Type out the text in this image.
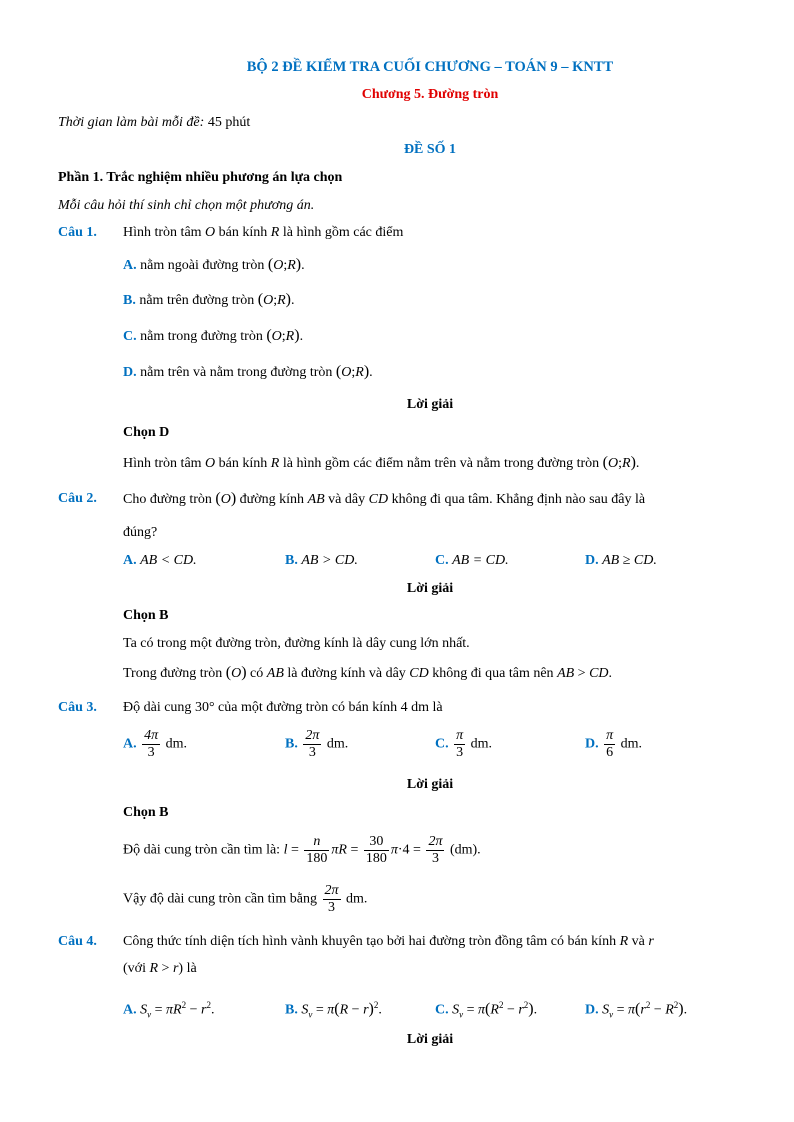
BỘ 2 ĐỀ KIỂM TRA CUỐI CHƯƠNG – TOÁN 9 – KNTT
Chương 5. Đường tròn
Thời gian làm bài mỗi đề: 45 phút
ĐỀ SỐ 1
Phần 1. Trắc nghiệm nhiều phương án lựa chọn
Mỗi câu hỏi thí sinh chỉ chọn một phương án.
Câu 1. Hình tròn tâm O bán kính R là hình gồm các điểm
A. nằm ngoài đường tròn (O;R).
B. nằm trên đường tròn (O;R).
C. nằm trong đường tròn (O;R).
D. nằm trên và nằm trong đường tròn (O;R).
Lời giải
Chọn D
Hình tròn tâm O bán kính R là hình gồm các điểm nằm trên và nằm trong đường tròn (O;R).
Câu 2. Cho đường tròn (O) đường kính AB và dây CD không đi qua tâm. Khẳng định nào sau đây là
đúng?
A. AB < CD.	B. AB > CD.	C. AB = CD.	D. AB ≥ CD.
Lời giải
Chọn B
Ta có trong một đường tròn, đường kính là dây cung lớn nhất.
Trong đường tròn (O) có AB là đường kính và dây CD không đi qua tâm nên AB > CD.
Câu 3. Độ dài cung 30° của một đường tròn có bán kính 4 dm là
A. $\frac{4\pi}{3}$ dm.	B. $\frac{2\pi}{3}$ dm.	C. $\frac{\pi}{3}$ dm.	D. $\frac{\pi}{6}$ dm.
Lời giải
Chọn B
Độ dài cung tròn cần tìm là: $l = \frac{n}{180}$ $\pi R = \frac{30}{180} \pi\cdot 4 = \frac{2\pi}{3} (dm)$.
Vậy độ dài cung tròn cần tìm bằng $\frac{2\pi}{3}$ dm.
Câu 4. Công thức tính diện tích hình vành khuyên tạo bởi hai đường tròn đồng tâm có bán kính R và r
(với R > r) là
A. $S_v = \pi R^2 - r^2$.	B. $S_v = \pi(R - r)^2$.	C. $S_v = \pi(R^2 - r^2)$.	D. $S_v = \pi(r^2 - R^2)$.
Lời giải
